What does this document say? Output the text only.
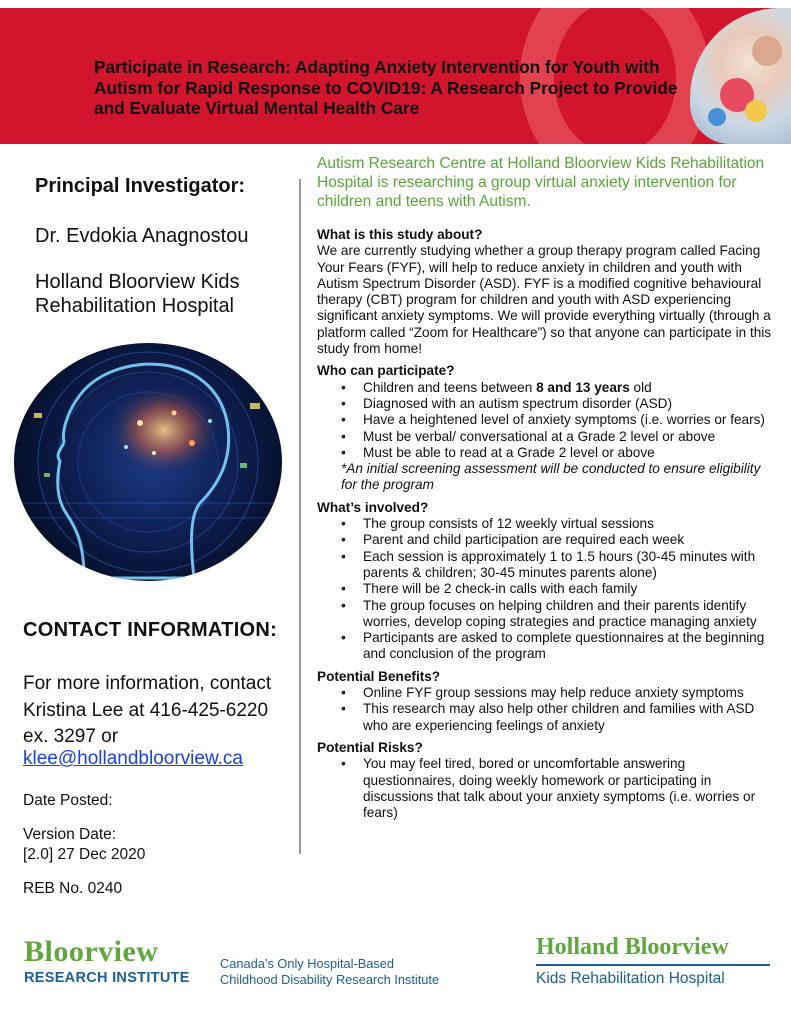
Participate in Research: Adapting Anxiety Intervention for Youth with Autism for Rapid Response to COVID19: A Research Project to Provide and Evaluate Virtual Mental Health Care
Principal Investigator:
Dr. Evdokia Anagnostou
Holland Bloorview Kids Rehabilitation Hospital
CONTACT INFORMATION:
For more information, contact Kristina Lee at 416-425-6220 ex. 3297 or
klee@hollandbloorview.ca
Date Posted:
Version Date:
[2.0] 27 Dec 2020
REB No. 0240
Autism Research Centre at Holland Bloorview Kids Rehabilitation Hospital is researching a group virtual anxiety intervention for children and teens with Autism.
What is this study about?

We are currently studying whether a group therapy program called Facing Your Fears (FYF), will help to reduce anxiety in children and youth with Autism Spectrum Disorder (ASD). FYF is a modified cognitive behavioural therapy (CBT) program for children and youth with ASD experiencing significant anxiety symptoms. We will provide everything virtually (through a platform called “Zoom for Healthcare”) so that anyone can participate in this study from home!

Who can participate?
• Children and teens between 8 and 13 years old
• Diagnosed with an autism spectrum disorder (ASD)
• Have a heightened level of anxiety symptoms (i.e. worries or fears)
• Must be verbal/ conversational at a Grade 2 level or above
• Must be able to read at a Grade 2 level or above

*An initial screening assessment will be conducted to ensure eligibility for the program

What’s involved?
• The group consists of 12 weekly virtual sessions
• Parent and child participation are required each week
• Each session is approximately 1 to 1.5 hours (30-45 minutes with parents & children; 30-45 minutes parents alone)
• There will be 2 check-in calls with each family
• The group focuses on helping children and their parents identify worries, develop coping strategies and practice managing anxiety
• Participants are asked to complete questionnaires at the beginning and conclusion of the program
Potential Benefits?
• Online FYF group sessions may help reduce anxiety symptoms
• This research may also help other children and families with ASD who are experiencing feelings of anxiety
Potential Risks?
• You may feel tired, bored or uncomfortable answering questionnaires, doing weekly homework or participating in discussions that talk about your anxiety symptoms (i.e. worries or fears)
Bloorview
RESEARCH INSTITUTE
Canada’s Only Hospital-Based
Childhood Disability Research Institute
Holland Bloorview
Kids Rehabilitation Hospital
